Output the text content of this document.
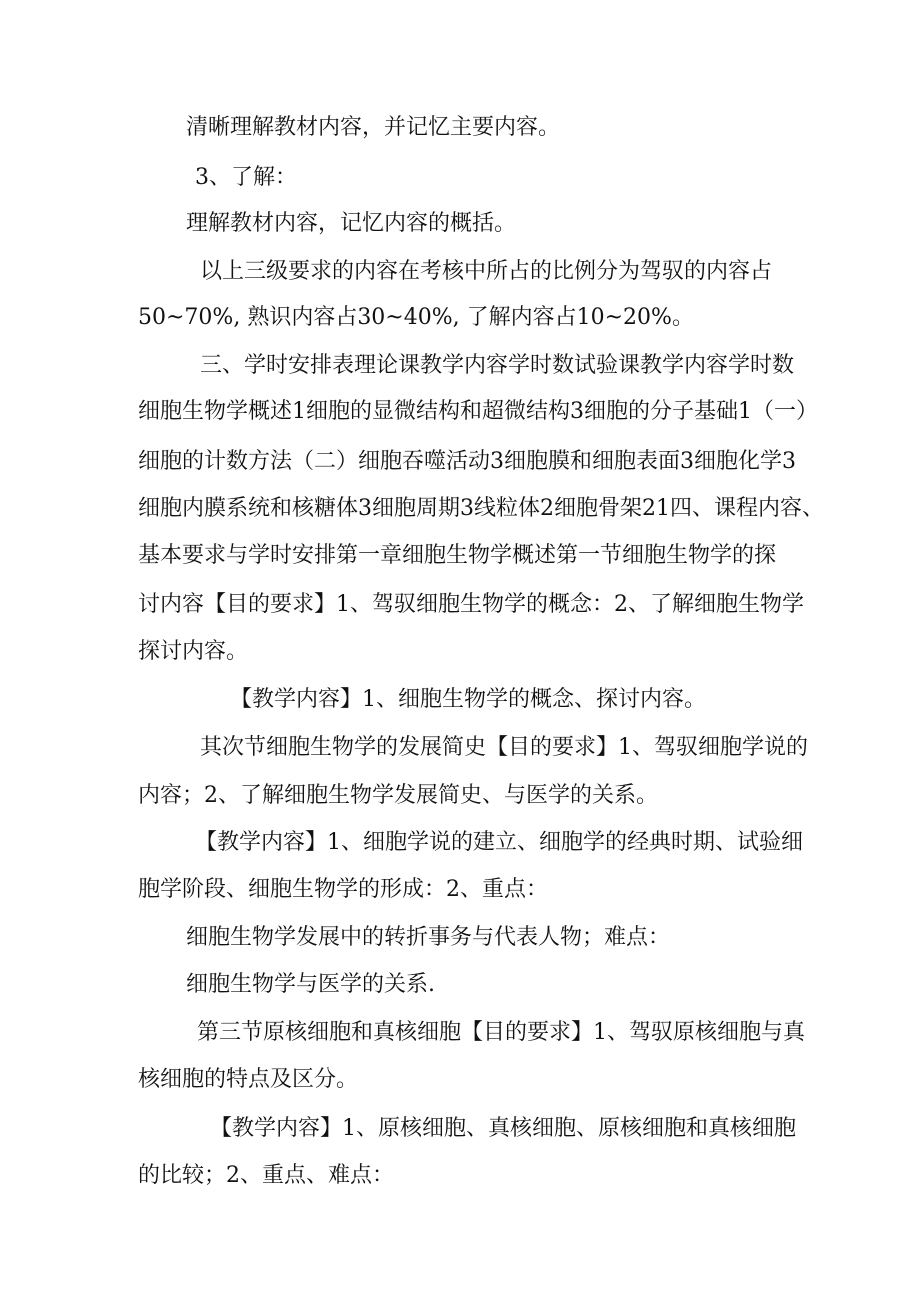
清晰理解教材内容，并记忆主要内容。

3、了解：

理解教材内容，记忆内容的概括。

以上三级要求的内容在考核中所占的比例分为驾驭的内容占

50~70%, 熟识内容占30~40%, 了解内容占10~20%。

三、学时安排表理论课教学内容学时数试验课教学内容学时数

细胞生物学概述1细胞的显微结构和超微结构3细胞的分子基础1（一）

细胞的计数方法（二）细胞吞噬活动3细胞膜和细胞表面3细胞化学3

细胞内膜系统和核糖体3细胞周期3线粒体2细胞骨架21四、课程内容、

基本要求与学时安排第一章细胞生物学概述第一节细胞生物学的探

讨内容【目的要求】1、驾驭细胞生物学的概念：2、了解细胞生物学

探讨内容。

【教学内容】1、细胞生物学的概念、探讨内容。

其次节细胞生物学的发展简史【目的要求】1、驾驭细胞学说的

内容；2、了解细胞生物学发展简史、与医学的关系。

【教学内容】1、细胞学说的建立、细胞学的经典时期、试验细

胞学阶段、细胞生物学的形成：2、重点：

细胞生物学发展中的转折事务与代表人物；难点：

细胞生物学与医学的关系.

第三节原核细胞和真核细胞【目的要求】1、驾驭原核细胞与真

核细胞的特点及区分。

【教学内容】1、原核细胞、真核细胞、原核细胞和真核细胞

的比较；2、重点、难点：
